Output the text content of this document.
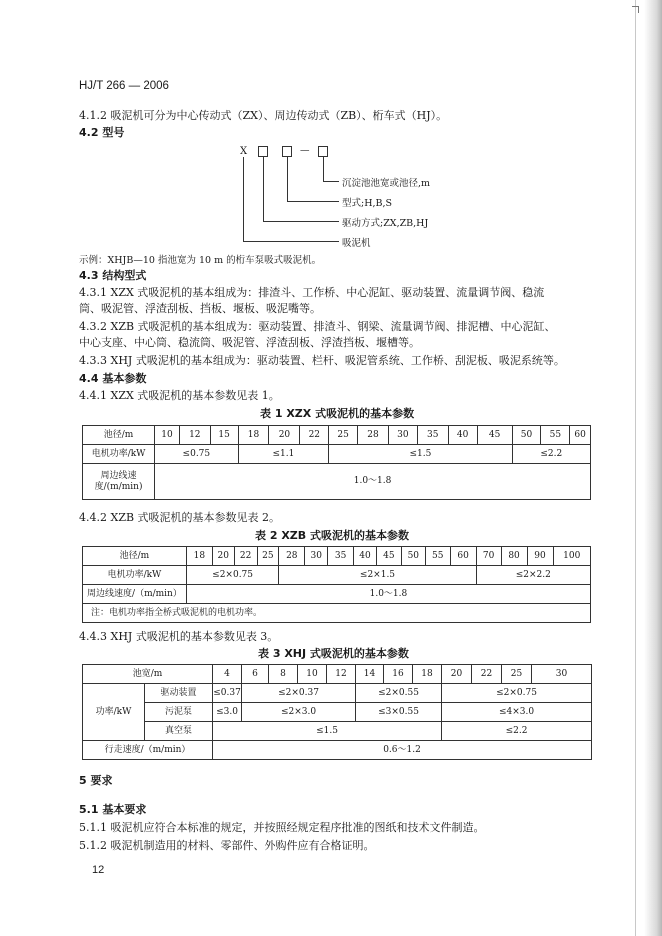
HJ/T 266 — 2006
4.1.2 吸泥机可分为中心传动式（ZX）、周边传动式（ZB）、桁车式（HJ）。
4.2 型号
X	—
沉淀池池宽或池径,m
型式;H,B,S
驱动方式;ZX,ZB,HJ
吸泥机
示例：XHJB—10 指池宽为 10 m 的桁车泵吸式吸泥机。
4.3 结构型式
4.3.1 XZX 式吸泥机的基本组成为：排渣斗、工作桥、中心泥缸、驱动装置、流量调节阀、稳流
筒、吸泥管、浮渣刮板、挡板、堰板、吸泥嘴等。
4.3.2 XZB 式吸泥机的基本组成为：驱动装置、排渣斗、钢梁、流量调节阀、排泥槽、中心泥缸、
中心支座、中心筒、稳流筒、吸泥管、浮渣刮板、浮渣挡板、堰槽等。
4.3.3 XHJ 式吸泥机的基本组成为：驱动装置、栏杆、吸泥管系统、工作桥、刮泥板、吸泥系统等。
4.4 基本参数
4.4.1 XZX 式吸泥机的基本参数见表 1。
表 1 XZX 式吸泥机的基本参数
池径/m	10	12	15	18	20	22	25	28	30	35	40	45	50	55	60
电机功率/kW	≤0.75			≤1.1			≤1.5						≤2.2		
周边线速度/(m/min)	1.0～1.8														
4.4.2 XZB 式吸泥机的基本参数见表 2。
表 2 XZB 式吸泥机的基本参数
池径/m	18	20	22	25	28	30	35	40	45	50	55	60	70	80	90	100
电机功率/kW	≤2×0.75				≤2×1.5								≤2×2.2			
周边线速度/（m/min）	1.0～1.8															
注：电机功率指全桥式吸泥机的电机功率。																
4.4.3 XHJ 式吸泥机的基本参数见表 3。
表 3 XHJ 式吸泥机的基本参数
池宽/m		4	6	8	10	12	14	16	18	20	22	25	30
功率/kW	驱动装置	≤0.37	≤2×0.37				≤2×0.55			≤2×0.75			
	污泥泵	≤3.0	≤2×3.0				≤3×0.55			≤4×3.0			
	真空泵	≤1.5								≤2.2			
行走速度/（m/min）		0.6～1.2											
5 要求
5.1 基本要求
5.1.1 吸泥机应符合本标准的规定，并按照经规定程序批准的图纸和技术文件制造。
5.1.2 吸泥机制造用的材料、零部件、外购件应有合格证明。
12
